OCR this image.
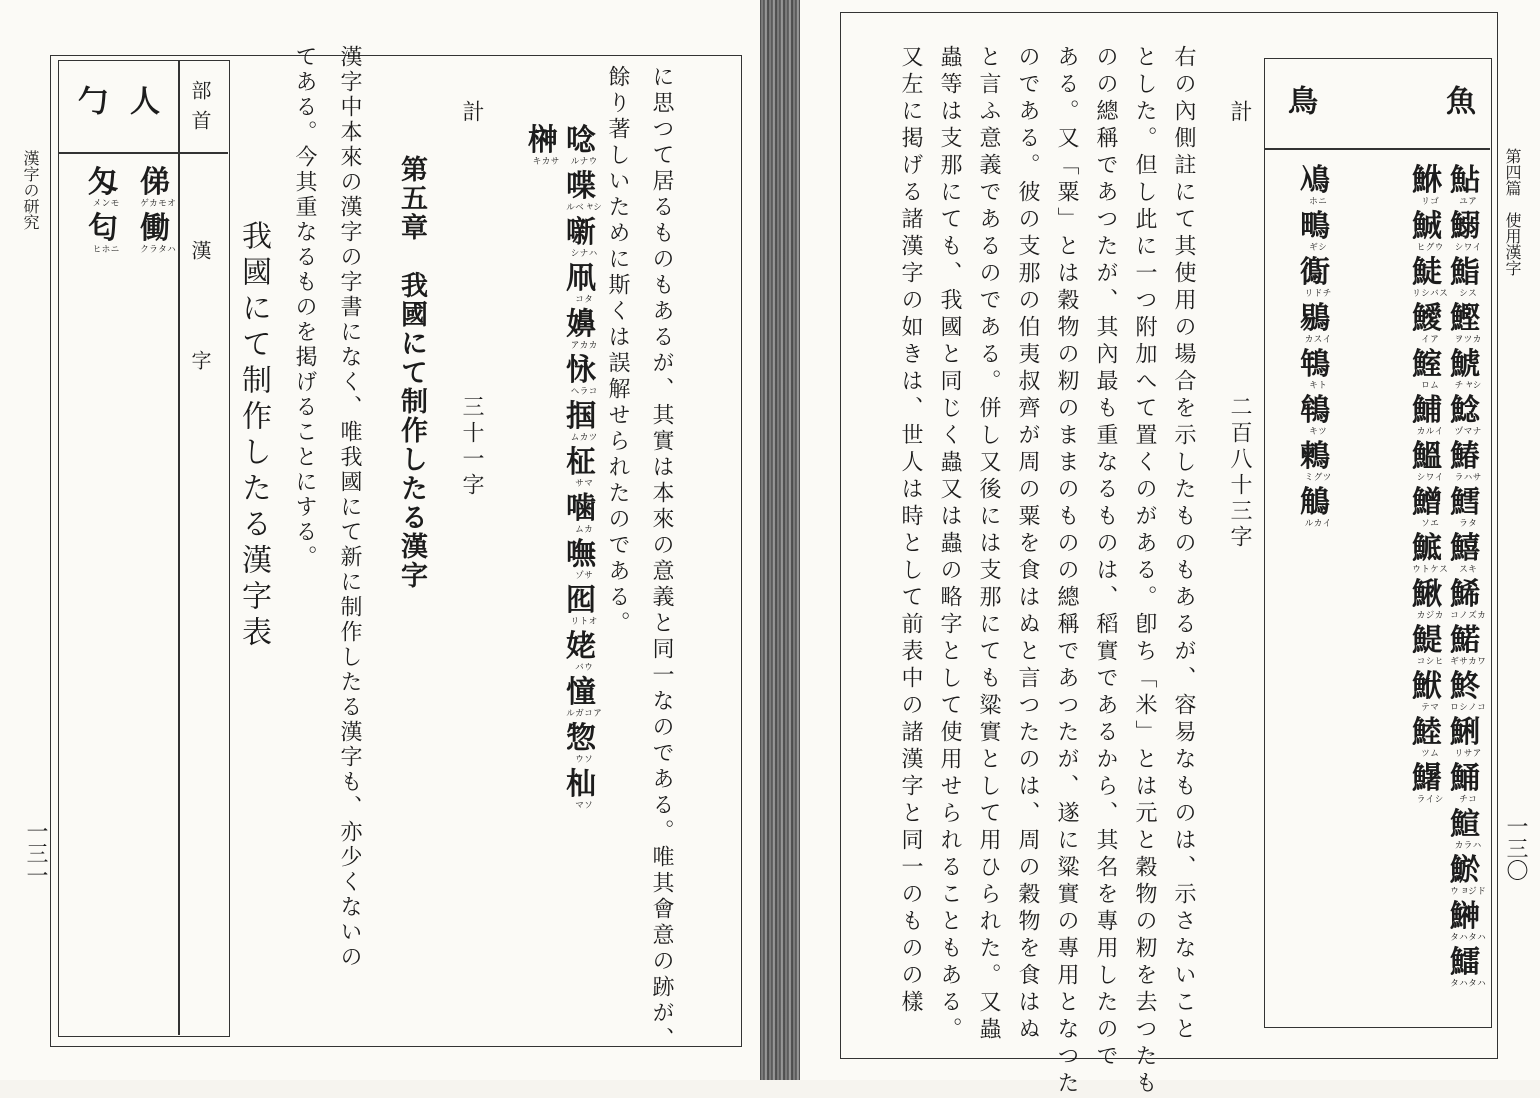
漢字の研究
一三一
部首
漢字
人
勹
俤
オモカゲ
働
ハタラク
匁
モンメ
匂
ニホヒ	に思つて居るものもあるが、其實は本來の意義と同一なのである。唯其會意の跡が、
餘り著しいために斯くは誤解せられたのである。
唸
ウナル
喋
シャベル
噺
ハナシ
凧
タコ
嬶
カカア
怺
コラヘ
掴
ツカム
柾
マサ
噛
カム
嘸
サゾ
囮
オトリ
姥
ウバ
憧
アコガル
惣
ソウ
杣
ソマ
榊
サカキ
計
三十一字
第五章　我國にて制作したる漢字
漢字中本來の漢字の字書になく、唯我國にて新に制作したる漢字も、亦少くないの
てある。今其重なるものを掲げることにする。
我國にて制作したる漢字表
第四篇　使用漢字
一三〇
魚
鳥
鮎
アユ
鰯
イワシ
鮨
スシ
鰹
カツヲ
鯱
シャチ
鯰
ナマヅ
鰆
サハラ
鱈
タラ
鱚
キス
鯑
カズノコ
鰙
ワカサギ
鮗
コノシロ
鯏
アサリ
鯒
コチ
鰚
ハラカ
鯲
ドジョウ
鰰
ハタハタ
鱩
ハタハタ
鮴
ゴリ
鯎
ウグヒ
鯐
スバシリ
鱫
アイ
鰘
ムロ
鯆
イルカ
鰮
イワシ
鱛
エソ
鯳
スケトウ
鰍
カジカ
鯷
ヒシコ
鮲
マテ
鯥
ムツ
鱪
シイラ
鳰
ニホ
鴫
シギ
鵆
チドリ
鶍
イスカ
鵇
トキ
鴾
ツキ
鶫
ツグミ
鵤
イカル
計
二百八十三字
右の內側註にて其使用の場合を示したものもあるが、容易なものは、示さないこと
とした。但し此に一つ附加へて置くのがある。卽ち「米」とは元と穀物の籾を去つたも
のの總稱であつたが、其內最も重なるものは、稻實であるから、其名を專用したので
ある。又「粟」とは穀物の籾のままのものの總稱であつたが、遂に粱實の專用となつた
のである。彼の支那の伯夷叔齊が周の粟を食はぬと言つたのは、周の穀物を食はぬ
と言ふ意義であるのである。併し又後には支那にても粱實として用ひられた。又蟲
蟲等は支那にても、我國と同じく蟲又は蟲の略字として使用せられることもある。
又左に掲げる諸漢字の如きは、世人は時として前表中の諸漢字と同一のものの樣
